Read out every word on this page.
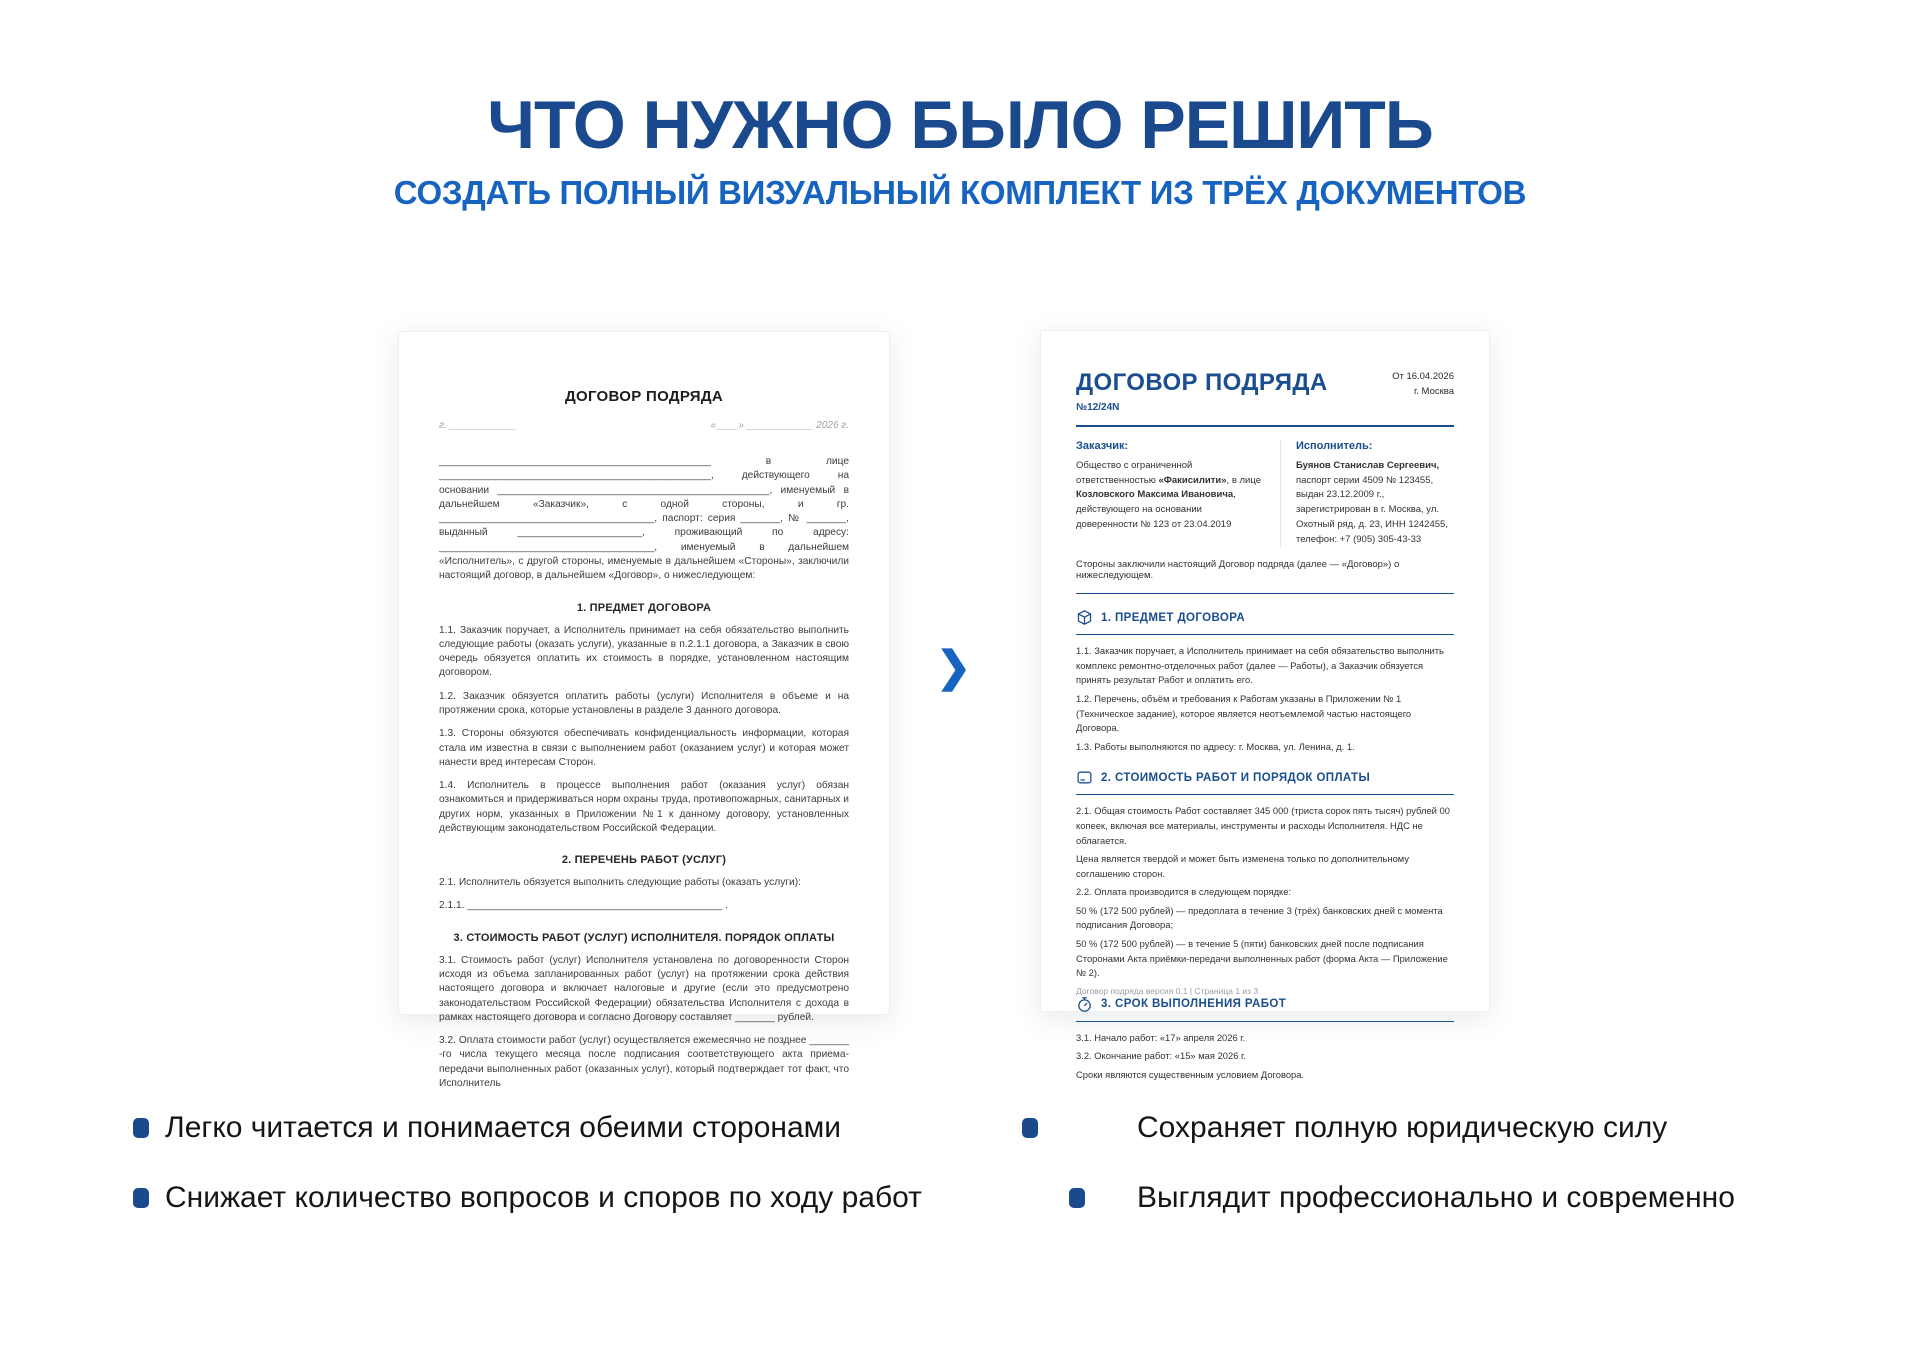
ЧТО НУЖНО БЫЛО РЕШИТЬ
СОЗДАТЬ ПОЛНЫЙ ВИЗУАЛЬНЫЙ КОМПЛЕКТ ИЗ ТРЁХ ДОКУМЕНТОВ
ДОГОВОР ПОДРЯДА
г. ____________	«____» ____________ 2026 г.

________________________________________________ в лице ________________________________________________, действующего на основании ________________________________________________, именуемый в дальнейшем «Заказчик», с одной стороны, и гр. ______________________________________, паспорт: серия _______, № _______, выданный ______________________, проживающий по адресу: ______________________________________, именуемый в дальнейшем «Исполнитель», с другой стороны, именуемые в дальнейшем «Стороны», заключили настоящий договор, в дальнейшем «Договор», о нижеследующем:

1. ПРЕДМЕТ ДОГОВОРА

1.1. Заказчик поручает, а Исполнитель принимает на себя обязательство выполнить следующие работы (оказать услуги), указанные в п.2.1.1 договора, а Заказчик в свою очередь обязуется оплатить их стоимость в порядке, установленном настоящим договором.

1.2. Заказчик обязуется оплатить работы (услуги) Исполнителя в объеме и на протяжении срока, которые установлены в разделе 3 данного договора.

1.3. Стороны обязуются обеспечивать конфиденциальность информации, которая стала им известна в связи с выполнением работ (оказанием услуг) и которая может нанести вред интересам Сторон.

1.4. Исполнитель в процессе выполнения работ (оказания услуг) обязан ознакомиться и придерживаться норм охраны труда, противопожарных, санитарных и других норм, указанных в Приложении №1 к данному договору, установленных действующим законодательством Российской Федерации.

2. ПЕРЕЧЕНЬ РАБОТ (УСЛУГ)

2.1. Исполнитель обязуется выполнить следующие работы (оказать услуги):

2.1.1. _____________________________________________ .

3. СТОИМОСТЬ РАБОТ (УСЛУГ) ИСПОЛНИТЕЛЯ. ПОРЯДОК ОПЛАТЫ

3.1. Стоимость работ (услуг) Исполнителя установлена по договоренности Сторон исходя из объема запланированных работ (услуг) на протяжении срока действия настоящего договора и включает налоговые и другие (если это предусмотрено законодательством Российской Федерации) обязательства Исполнителя с дохода в рамках настоящего договора и согласно Договору составляет _______ рублей.

3.2. Оплата стоимости работ (услуг) осуществляется ежемесячно не позднее _______ -го числа текущего месяца после подписания соответствующего акта приема-передачи выполненных работ (оказанных услуг), который подтверждает тот факт, что Исполнитель

❯
ДОГОВОР ПОДРЯДА
№12/24N
От 16.04.2026
г. Москва
Заказчик:
Общество с ограниченной ответственностью «Факисилити», в лице Козловского Максима Ивановича, действующего на основании доверенности № 123 от 23.04.2019
Исполнитель:
Буянов Станислав Сергеевич,
паспорт серии 4509 № 123455, выдан 23.12.2009 г., зарегистрирован в г. Москва, ул. Охотный ряд, д. 23, ИНН 1242455,
телефон: +7 (905) 305-43-33
Стороны заключили настоящий Договор подряда (далее — «Договор») о нижеследующем.
1. ПРЕДМЕТ ДОГОВОРА

1.1. Заказчик поручает, а Исполнитель принимает на себя обязательство выполнить комплекс ремонтно-отделочных работ (далее — Работы), а Заказчик обязуется принять результат Работ и оплатить его.

1.2. Перечень, объём и требования к Работам указаны в Приложении № 1 (Техническое задание), которое является неотъемлемой частью настоящего Договора.

1.3. Работы выполняются по адресу: г. Москва, ул. Ленина, д. 1.

2. СТОИМОСТЬ РАБОТ И ПОРЯДОК ОПЛАТЫ

2.1. Общая стоимость Работ составляет 345 000 (триста сорок пять тысяч) рублей 00 копеек, включая все материалы, инструменты и расходы Исполнителя. НДС не облагается.

Цена является твердой и может быть изменена только по дополнительному соглашению сторон.

2.2. Оплата производится в следующем порядке:

50 % (172 500 рублей) — предоплата в течение 3 (трёх) банковских дней с момента подписания Договора;

50 % (172 500 рублей) — в течение 5 (пяти) банковских дней после подписания Сторонами Акта приёмки-передачи выполненных работ (форма Акта — Приложение № 2).

3. СРОК ВЫПОЛНЕНИЯ РАБОТ

3.1. Начало работ: «17» апреля 2026 г.

3.2. Окончание работ: «15» мая 2026 г.

Сроки являются существенным условием Договора.

Договор подряда версия 0.1 | Страница 1 из 3
Легко читается и понимается обеими сторонами
Снижает количество вопросов и споров по ходу работ
Сохраняет полную юридическую силу
Выглядит профессионально и современно
